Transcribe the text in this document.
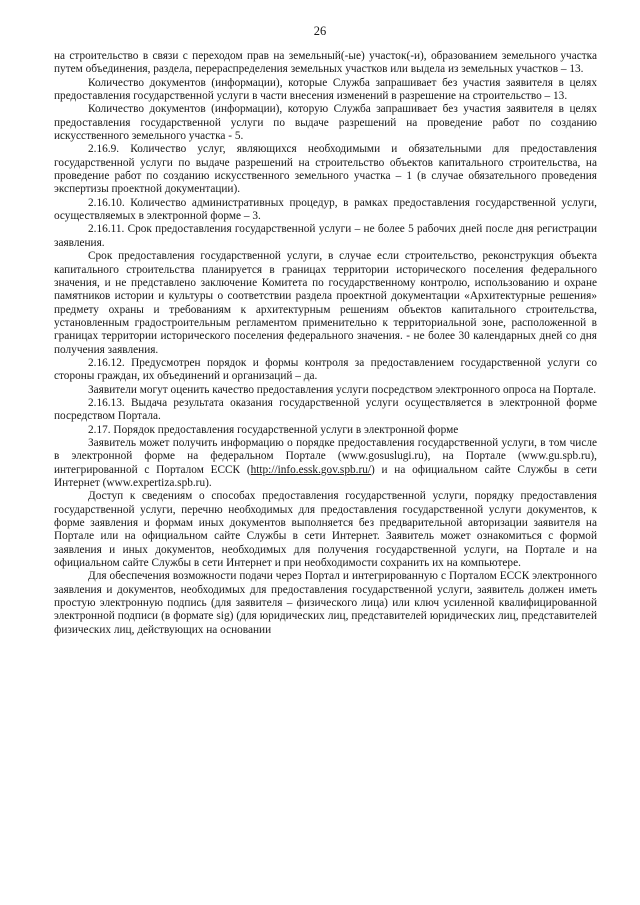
26

на строительство в связи с переходом прав на земельный(-ые) участок(-и), образованием земельного участка путем объединения, раздела, перераспределения земельных участков или выдела из земельных участков – 13.

Количество документов (информации), которые Служба запрашивает без участия заявителя в целях предоставления государственной услуги в части внесения изменений в разрешение на строительство – 13.

Количество документов (информации), которую Служба запрашивает без участия заявителя в целях предоставления государственной услуги по выдаче разрешений на проведение работ по созданию искусственного земельного участка - 5.

2.16.9. Количество услуг, являющихся необходимыми и обязательными для предоставления государственной услуги по выдаче разрешений на строительство объектов капитального строительства, на проведение работ по созданию искусственного земельного участка – 1 (в случае обязательного проведения экспертизы проектной документации).

2.16.10. Количество административных процедур, в рамках предоставления государственной услуги, осуществляемых в электронной форме – 3.

2.16.11. Срок предоставления государственной услуги – не более 5 рабочих дней после дня регистрации заявления.

Срок предоставления государственной услуги, в случае если строительство, реконструкция объекта капитального строительства планируется в границах территории исторического поселения федерального значения, и не представлено заключение Комитета по государственному контролю, использованию и охране памятников истории и культуры о соответствии раздела проектной документации «Архитектурные решения» предмету охраны и требованиям к архитектурным решениям объектов капитального строительства, установленным градостроительным регламентом применительно к территориальной зоне, расположенной в границах территории исторического поселения федерального значения. - не более 30 календарных дней со дня получения заявления.

2.16.12. Предусмотрен порядок и формы контроля за предоставлением государственной услуги со стороны граждан, их объединений и организаций – да.

Заявители могут оценить качество предоставления услуги посредством электронного опроса на Портале.

2.16.13. Выдача результата оказания государственной услуги осуществляется в электронной форме посредством Портала.

2.17. Порядок предоставления государственной услуги в электронной форме

Заявитель может получить информацию о порядке предоставления государственной услуги, в том числе в электронной форме на федеральном Портале (www.gosuslugi.ru), на Портале (www.gu.spb.ru), интегрированной с Порталом ЕССК (http://info.essk.gov.spb.ru/) и на официальном сайте Службы в сети Интернет (www.expertiza.spb.ru).

Доступ к сведениям о способах предоставления государственной услуги, порядку предоставления государственной услуги, перечню необходимых для предоставления государственной услуги документов, к форме заявления и формам иных документов выполняется без предварительной авторизации заявителя на Портале или на официальном сайте Службы в сети Интернет. Заявитель может ознакомиться с формой заявления и иных документов, необходимых для получения государственной услуги, на Портале и на официальном сайте Службы в сети Интернет и при необходимости сохранить их на компьютере.

Для обеспечения возможности подачи через Портал и интегрированную с Порталом ЕССК электронного заявления и документов, необходимых для предоставления государственной услуги, заявитель должен иметь простую электронную подпись (для заявителя – физического лица) или ключ усиленной квалифицированной электронной подписи (в формате sig) (для юридических лиц, представителей юридических лиц, представителей физических лиц, действующих на основании
